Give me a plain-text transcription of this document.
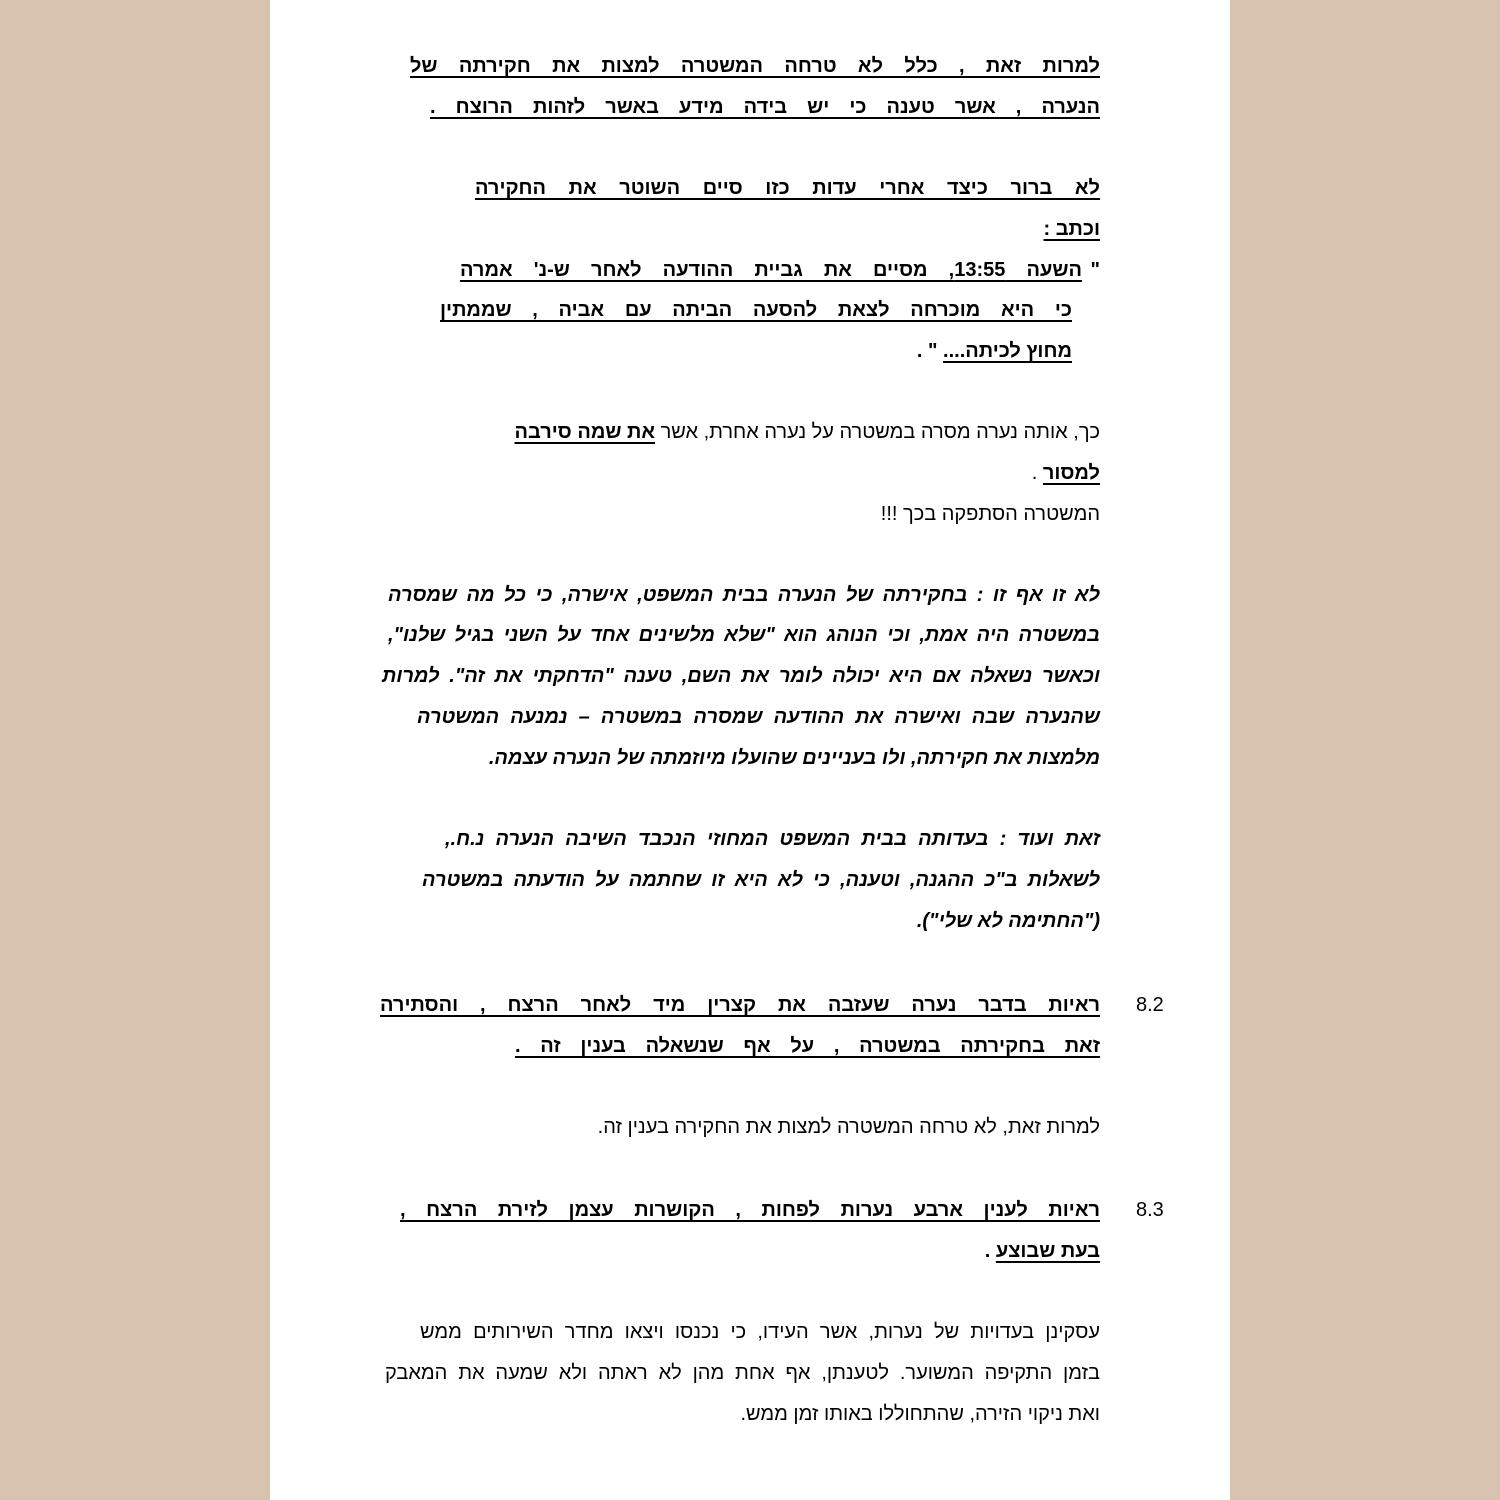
למרות זאת , כלל לא טרחה המשטרה למצות את חקירתה של
הנערה , אשר טענה כי יש בידה מידע באשר לזהות הרוצח .
לא ברור כיצד אחרי עדות כזו סיים השוטר את החקירה
וכתב :
"
השעה 13:55, מסיים את גביית ההודעה לאחר ש-נ' אמרה
כי היא מוכרחה לצאת להסעה הביתה עם אביה , שממתין
מחוץ לכיתה.... " .
כך, אותה נערה מסרה במשטרה על נערה אחרת, אשר את שמה סירבה
למסור .
המשטרה הסתפקה בכך !!!
לא זו אף זו : בחקירתה של הנערה בבית המשפט, אישרה, כי כל מה שמסרה
במשטרה היה אמת, וכי הנוהג הוא "שלא מלשינים אחד על השני בגיל שלנו",
וכאשר נשאלה אם היא יכולה לומר את השם, טענה "הדחקתי את זה". למרות
שהנערה שבה ואישרה את ההודעה שמסרה במשטרה – נמנעה המשטרה
מלמצות את חקירתה, ולו בעניינים שהועלו מיוזמתה של הנערה עצמה.
זאת ועוד : בעדותה בבית המשפט המחוזי הנכבד השיבה הנערה נ.ח.,
לשאלות ב"כ ההגנה, וטענה, כי לא היא זו שחתמה על הודעתה במשטרה
("החתימה לא שלי").
8.2
ראיות בדבר נערה שעזבה את קצרין מיד לאחר הרצח , והסתירה
זאת בחקירתה במשטרה , על אף שנשאלה בענין זה .
למרות זאת, לא טרחה המשטרה למצות את החקירה בענין זה.
8.3
ראיות לענין ארבע נערות לפחות , הקושרות עצמן לזירת הרצח ,
בעת שבוצע .
עסקינן בעדויות של נערות, אשר העידו, כי נכנסו ויצאו מחדר השירותים ממש
בזמן התקיפה המשוער. לטענתן, אף אחת מהן לא ראתה ולא שמעה את המאבק
ואת ניקוי הזירה, שהתחוללו באותו זמן ממש.
